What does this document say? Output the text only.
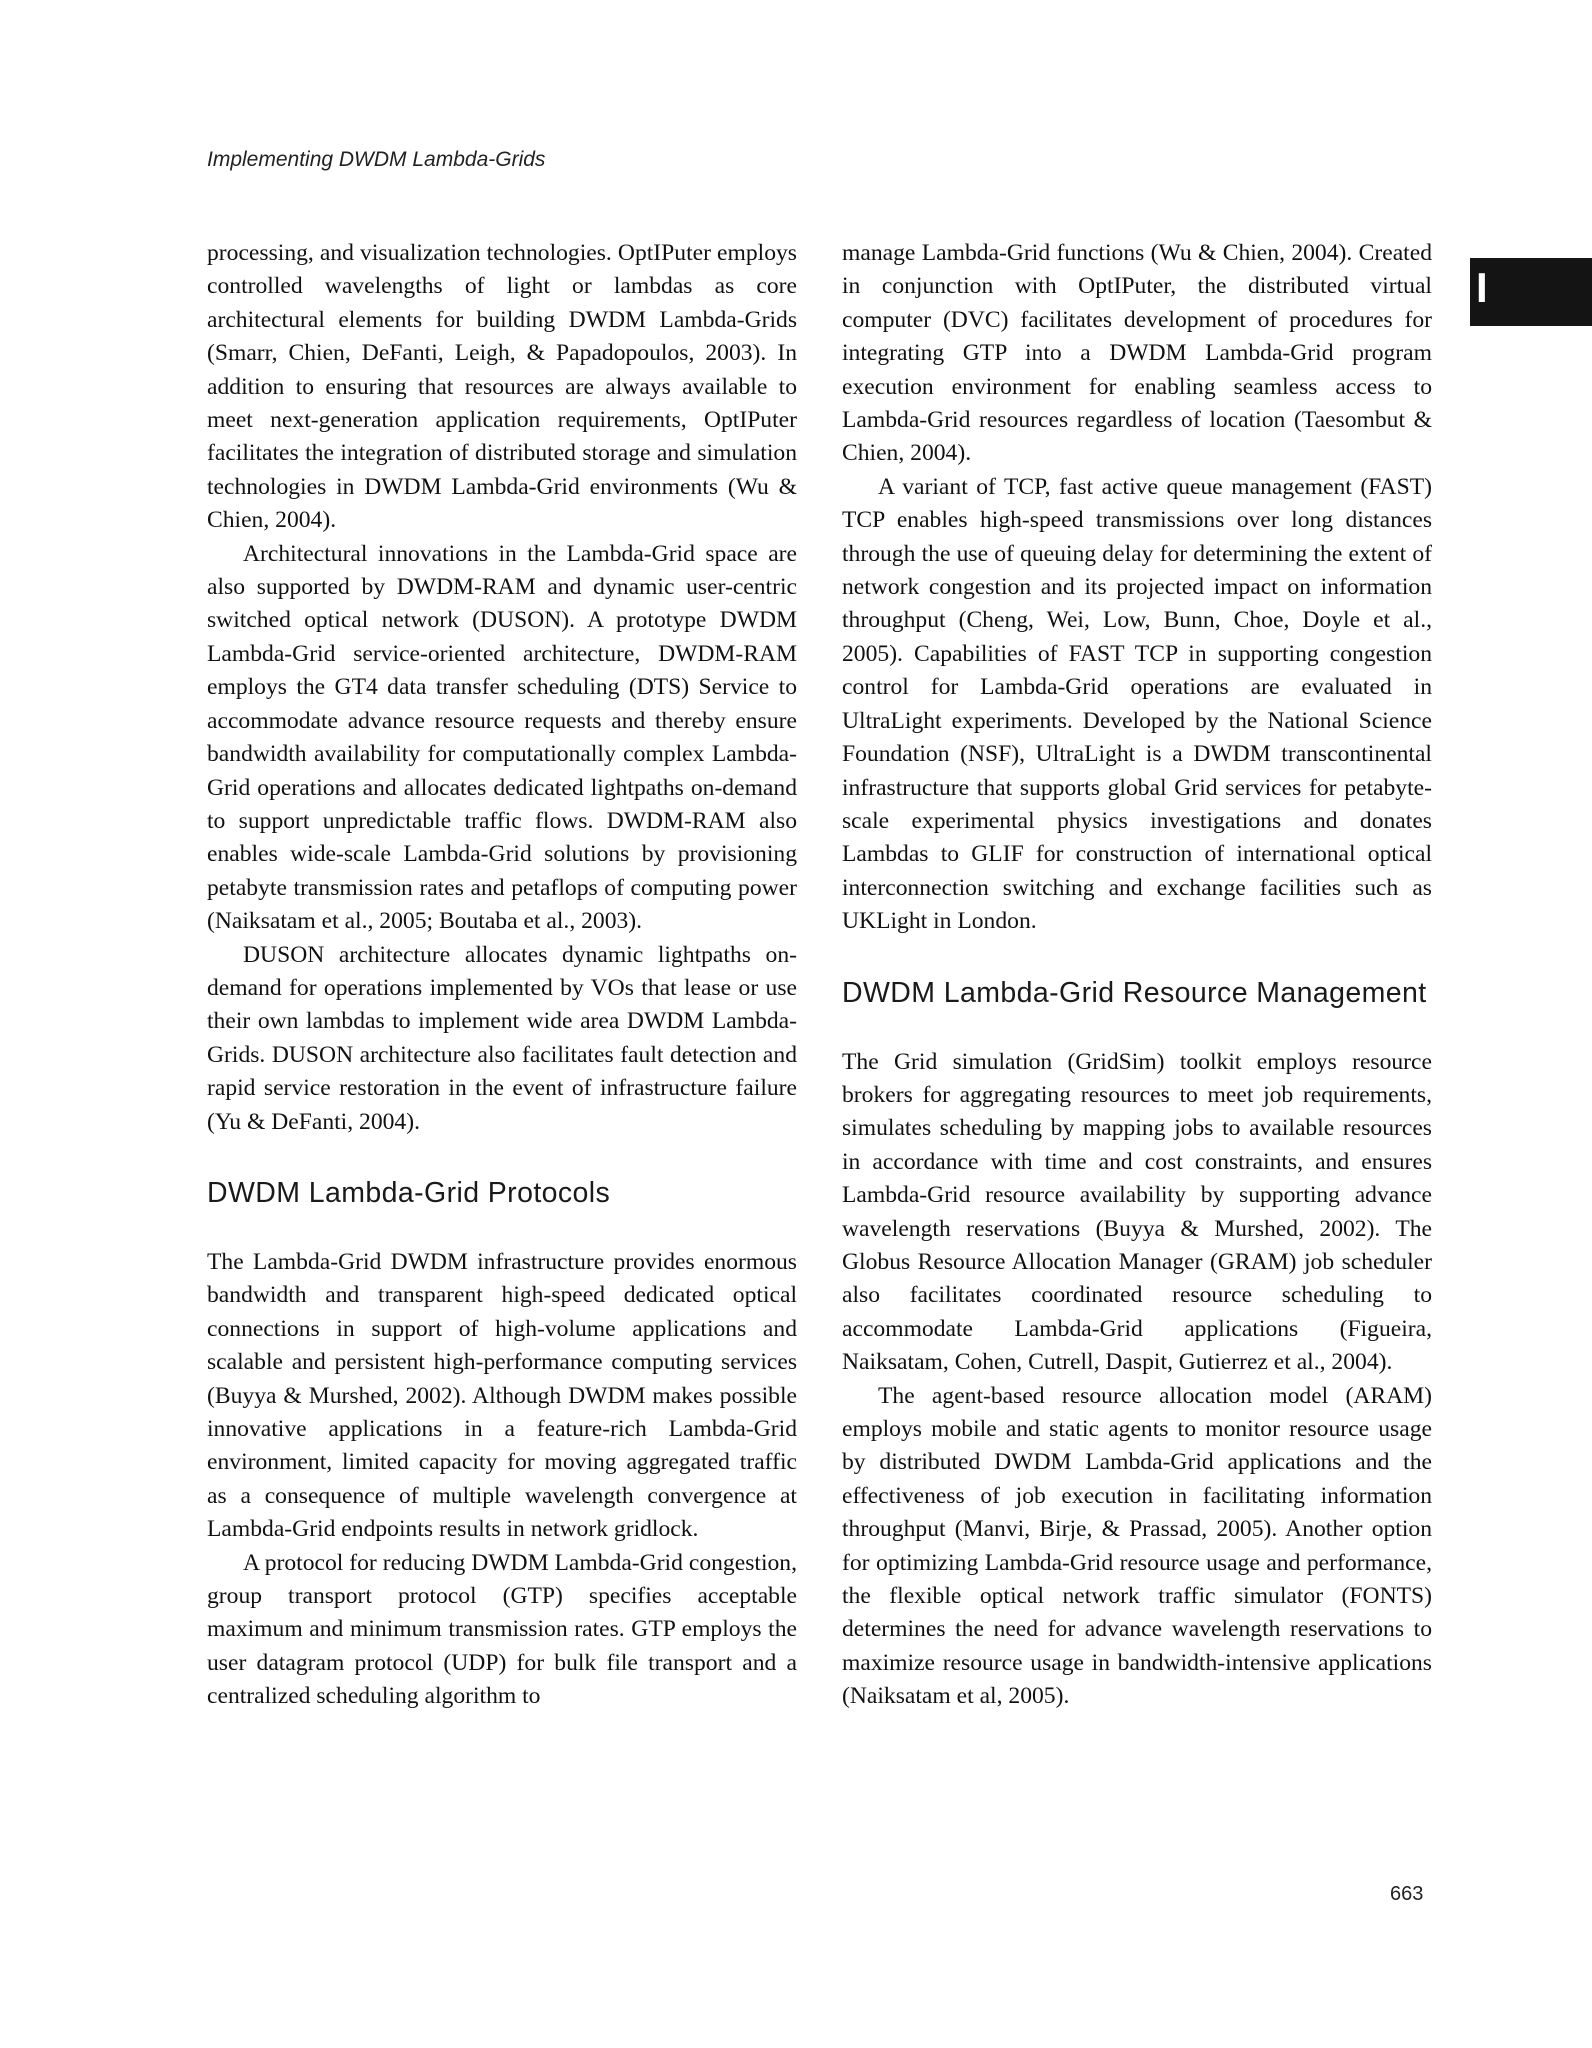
Implementing DWDM Lambda-Grids
I

processing, and visualization technologies. OptIPuter employs controlled wavelengths of light or lambdas as core architectural elements for building DWDM Lambda-Grids (Smarr, Chien, DeFanti, Leigh, & Papadopoulos, 2003). In addition to ensuring that resources are always available to meet next-generation application requirements, OptIPuter facilitates the integration of distributed storage and simulation technologies in DWDM Lambda-Grid environments (Wu & Chien, 2004).

Architectural innovations in the Lambda-Grid space are also supported by DWDM-RAM and dynamic user-centric switched optical network (DUSON). A prototype DWDM Lambda-Grid service-oriented architecture, DWDM-RAM employs the GT4 data transfer scheduling (DTS) Service to accommodate advance resource requests and thereby ensure bandwidth availability for computationally complex Lambda-Grid operations and allocates dedicated lightpaths on-demand to support unpredictable traffic flows. DWDM-RAM also enables wide-scale Lambda-Grid solutions by provisioning petabyte transmission rates and petaflops of computing power (Naiksatam et al., 2005; Boutaba et al., 2003).

DUSON architecture allocates dynamic lightpaths on-demand for operations implemented by VOs that lease or use their own lambdas to implement wide area DWDM Lambda-Grids. DUSON architecture also facilitates fault detection and rapid service restoration in the event of infrastructure failure (Yu & DeFanti, 2004).

DWDM Lambda-Grid Protocols

The Lambda-Grid DWDM infrastructure provides enormous bandwidth and transparent high-speed dedicated optical connections in support of high-volume applications and scalable and persistent high-performance computing services (Buyya & Murshed, 2002). Although DWDM makes possible innovative applications in a feature-rich Lambda-Grid environment, limited capacity for moving aggregated traffic as a consequence of multiple wavelength convergence at Lambda-Grid endpoints results in network gridlock.

A protocol for reducing DWDM Lambda-Grid congestion, group transport protocol (GTP) specifies acceptable maximum and minimum transmission rates. GTP employs the user datagram protocol (UDP) for bulk file transport and a centralized scheduling algorithm to

manage Lambda-Grid functions (Wu & Chien, 2004). Created in conjunction with OptIPuter, the distributed virtual computer (DVC) facilitates development of procedures for integrating GTP into a DWDM Lambda-Grid program execution environment for enabling seamless access to Lambda-Grid resources regardless of location (Taesombut & Chien, 2004).

A variant of TCP, fast active queue management (FAST) TCP enables high-speed transmissions over long distances through the use of queuing delay for determining the extent of network congestion and its projected impact on information throughput (Cheng, Wei, Low, Bunn, Choe, Doyle et al., 2005). Capabilities of FAST TCP in supporting congestion control for Lambda-Grid operations are evaluated in UltraLight experiments. Developed by the National Science Foundation (NSF), UltraLight is a DWDM transcontinental infrastructure that supports global Grid services for petabyte-scale experimental physics investigations and donates Lambdas to GLIF for construction of international optical interconnection switching and exchange facilities such as UKLight in London.

DWDM Lambda-Grid Resource Management

The Grid simulation (GridSim) toolkit employs resource brokers for aggregating resources to meet job requirements, simulates scheduling by mapping jobs to available resources in accordance with time and cost constraints, and ensures Lambda-Grid resource availability by supporting advance wavelength reservations (Buyya & Murshed, 2002). The Globus Resource Allocation Manager (GRAM) job scheduler also facilitates coordinated resource scheduling to accommodate Lambda-Grid applications (Figueira, Naiksatam, Cohen, Cutrell, Daspit, Gutierrez et al., 2004).

The agent-based resource allocation model (ARAM) employs mobile and static agents to monitor resource usage by distributed DWDM Lambda-Grid applications and the effectiveness of job execution in facilitating information throughput (Manvi, Birje, & Prassad, 2005). Another option for optimizing Lambda-Grid resource usage and performance, the flexible optical network traffic simulator (FONTS) determines the need for advance wavelength reservations to maximize resource usage in bandwidth-intensive applications (Naiksatam et al, 2005).

663
